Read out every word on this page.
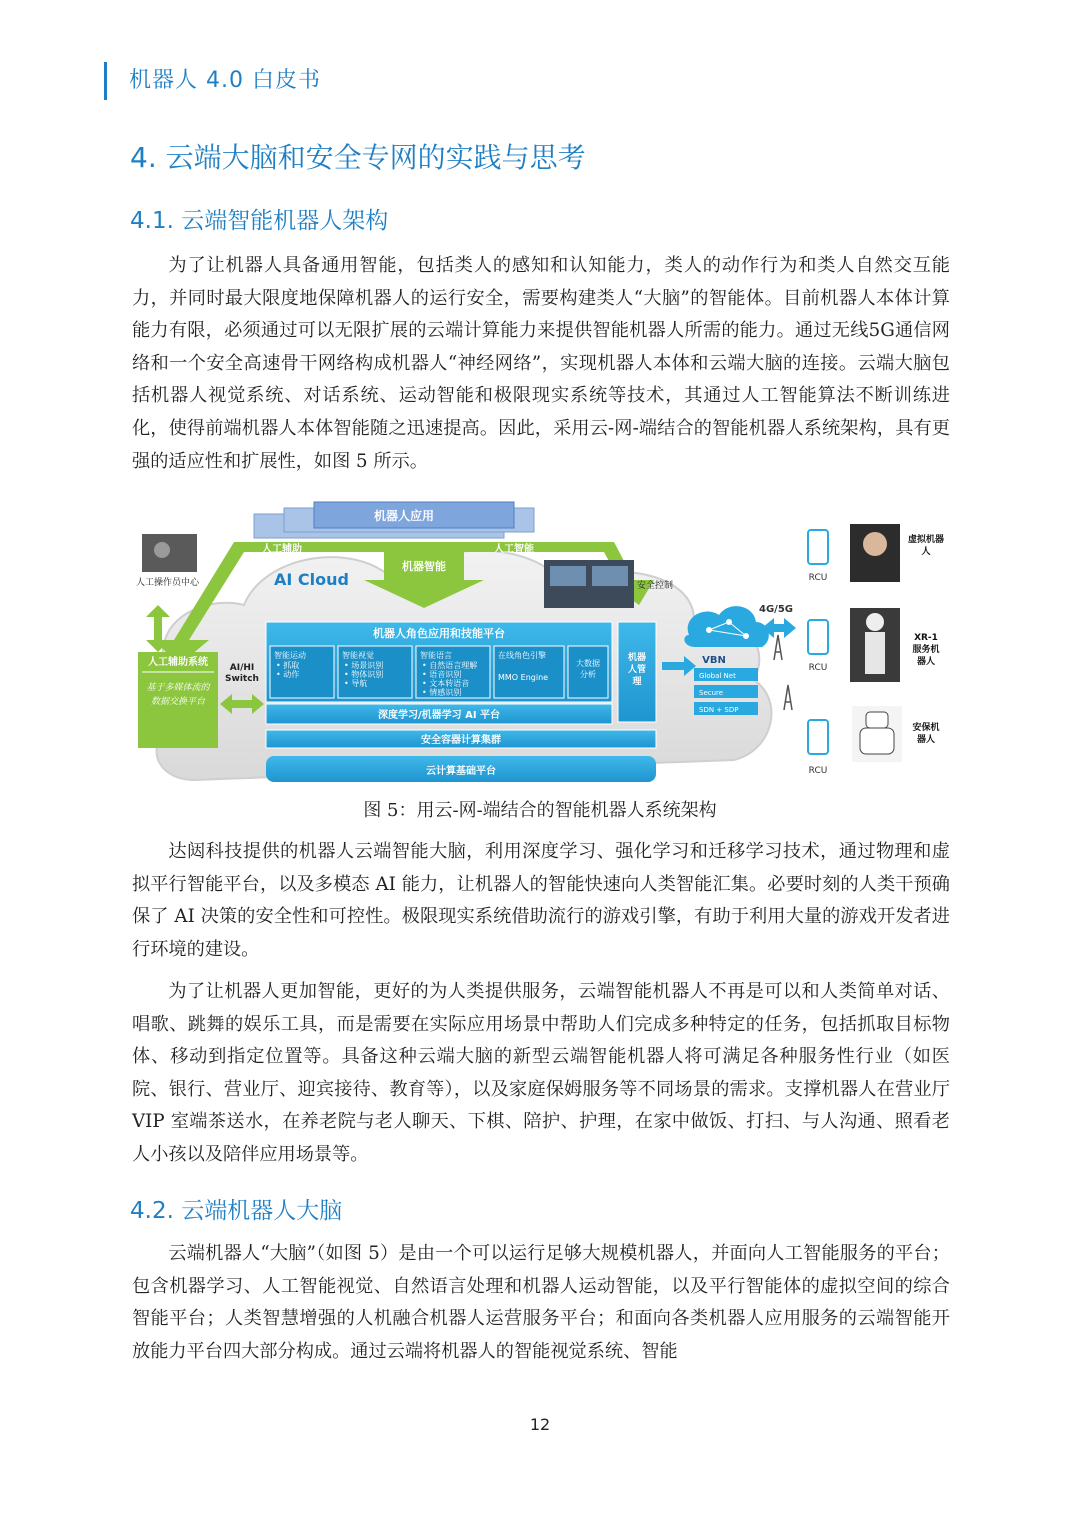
机器人 4.0 白皮书
4. 云端大脑和安全专网的实践与思考
4.1. 云端智能机器人架构

为了让机器人具备通用智能，包括类人的感知和认知能力，类人的动作行为和类人自然交互能力，并同时最大限度地保障机器人的运行安全，需要构建类人“大脑”的智能体。目前机器人本体计算能力有限，必须通过可以无限扩展的云端计算能力来提供智能机器人所需的能力。通过无线5G通信网络和一个安全高速骨干网络构成机器人“神经网络”，实现机器人本体和云端大脑的连接。云端大脑包括机器人视觉系统、对话系统、运动智能和极限现实系统等技术，其通过人工智能算法不断训练进化，使得前端机器人本体智能随之迅速提高。因此，采用云-网-端结合的智能机器人系统架构，具有更强的适应性和扩展性，如图 5 所示。

机器人应用
人工辅助	人工智能
机器智能
AI Cloud
人工操作员中心	安全控制
人工辅助系统
基于多媒体流的数据交换平台
AI/HI Switch
机器人角色应用和技能平台
智能运动• 抓取• 动作
智能视觉• 场景识别• 物体识别• 导航
智能语言• 自然语言理解• 语音识别• 文本转语音• 情感识别
在线角色引擎 MMO Engine
大数据分析
机器人管理
深度学习/机器学习 AI 平台
安全容器计算集群
云计算基础平台
VBN
Global Net
Secure
SDN + SDP
4G/5G
RCU
RCU
RCU
虚拟机器人
XR-1 服务机器人
安保机器人
图 5：用云-网-端结合的智能机器人系统架构

达闼科技提供的机器人云端智能大脑，利用深度学习、强化学习和迁移学习技术，通过物理和虚拟平行智能平台，以及多模态 AI 能力，让机器人的智能快速向人类智能汇集。必要时刻的人类干预确保了 AI 决策的安全性和可控性。极限现实系统借助流行的游戏引擎，有助于利用大量的游戏开发者进行环境的建设。

为了让机器人更加智能，更好的为人类提供服务，云端智能机器人不再是可以和人类简单对话、唱歌、跳舞的娱乐工具，而是需要在实际应用场景中帮助人们完成多种特定的任务，包括抓取目标物体、移动到指定位置等。具备这种云端大脑的新型云端智能机器人将可满足各种服务性行业（如医院、银行、营业厅、迎宾接待、教育等），以及家庭保姆服务等不同场景的需求。支撑机器人在营业厅 VIP 室端茶送水，在养老院与老人聊天、下棋、陪护、护理，在家中做饭、打扫、与人沟通、照看老人小孩以及陪伴应用场景等。

4.2. 云端机器人大脑

云端机器人“大脑”（如图 5）是由一个可以运行足够大规模机器人，并面向人工智能服务的平台；包含机器学习、人工智能视觉、自然语言处理和机器人运动智能，以及平行智能体的虚拟空间的综合智能平台；人类智慧增强的人机融合机器人运营服务平台；和面向各类机器人应用服务的云端智能开放能力平台四大部分构成。通过云端将机器人的智能视觉系统、智能

12
